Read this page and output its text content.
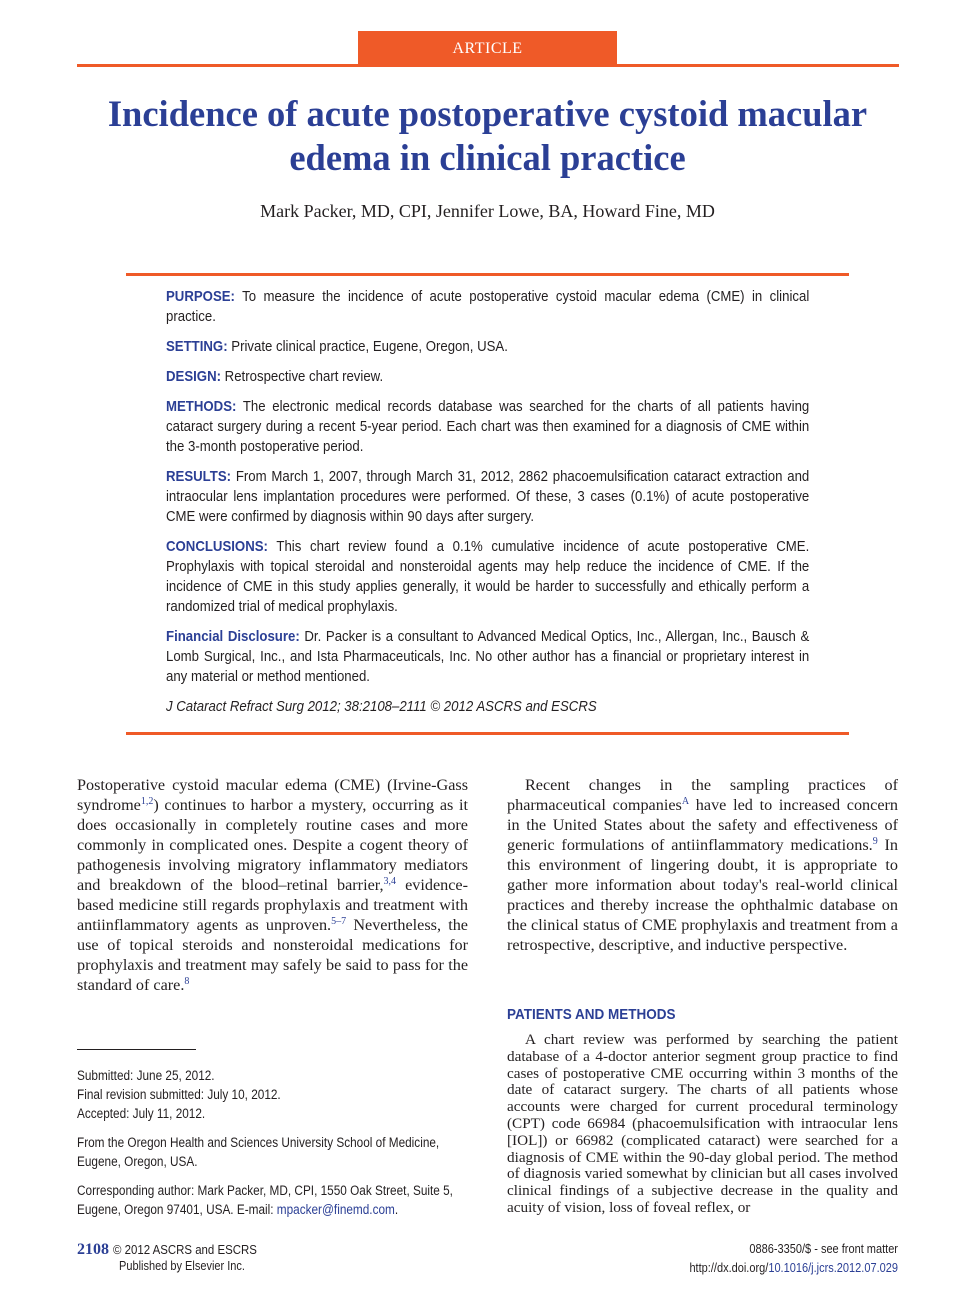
ARTICLE
Incidence of acute postoperative cystoid macular edema in clinical practice
Mark Packer, MD, CPI, Jennifer Lowe, BA, Howard Fine, MD

PURPOSE: To measure the incidence of acute postoperative cystoid macular edema (CME) in clinical practice.

SETTING: Private clinical practice, Eugene, Oregon, USA.

DESIGN: Retrospective chart review.

METHODS: The electronic medical records database was searched for the charts of all patients having cataract surgery during a recent 5-year period. Each chart was then examined for a diagnosis of CME within the 3-month postoperative period.

RESULTS: From March 1, 2007, through March 31, 2012, 2862 phacoemulsification cataract extraction and intraocular lens implantation procedures were performed. Of these, 3 cases (0.1%) of acute postoperative CME were confirmed by diagnosis within 90 days after surgery.

CONCLUSIONS: This chart review found a 0.1% cumulative incidence of acute postoperative CME. Prophylaxis with topical steroidal and nonsteroidal agents may help reduce the incidence of CME. If the incidence of CME in this study applies generally, it would be harder to successfully and ethically perform a randomized trial of medical prophylaxis.

Financial Disclosure: Dr. Packer is a consultant to Advanced Medical Optics, Inc., Allergan, Inc., Bausch & Lomb Surgical, Inc., and Ista Pharmaceuticals, Inc. No other author has a financial or proprietary interest in any material or method mentioned.

J Cataract Refract Surg 2012; 38:2108–2111 © 2012 ASCRS and ESCRS

Postoperative cystoid macular edema (CME) (Irvine-Gass syndrome$^{1,2}$) continues to harbor a mystery, occurring as it does occasionally in completely routine cases and more commonly in complicated ones. Despite a cogent theory of pathogenesis involving migratory inflammatory mediators and breakdown of the blood–retinal barrier,$^{3,4}$ evidence-based medicine still regards prophylaxis and treatment with antiinflammatory agents as unproven.$^{5-7}$ Nevertheless, the use of topical steroids and nonsteroidal medications for prophylaxis and treatment may safely be said to pass for the standard of care.$^8$

Recent changes in the sampling practices of pharmaceutical companies$^A$ have led to increased concern in the United States about the safety and effectiveness of generic formulations of antiinflammatory medications.$^9$ In this environment of lingering doubt, it is appropriate to gather more information about today's real-world clinical practices and thereby increase the ophthalmic database on the clinical status of CME prophylaxis and treatment from a retrospective, descriptive, and inductive perspective.

PATIENTS AND METHODS

A chart review was performed by searching the patient database of a 4-doctor anterior segment group practice to find cases of postoperative CME occurring within 3 months of the date of cataract surgery. The charts of all patients whose accounts were charged for current procedural terminology (CPT) code 66984 (phacoemulsification with intraocular lens [IOL]) or 66982 (complicated cataract) were searched for a diagnosis of CME within the 90-day global period. The method of diagnosis varied somewhat by clinician but all cases involved clinical findings of a subjective decrease in the quality and acuity of vision, loss of foveal reflex, or

Submitted: June 25, 2012.

Final revision submitted: July 10, 2012.

Accepted: July 11, 2012.

From the Oregon Health and Sciences University School of Medicine, Eugene, Oregon, USA.

Corresponding author: Mark Packer, MD, CPI, 1550 Oak Street, Suite 5, Eugene, Oregon 97401, USA. E-mail: mpacker@finemd.com.

2108 © 2012 ASCRS and ESCRS
Published by Elsevier Inc.
0886-3350/$ - see front matter
http://dx.doi.org/10.1016/j.jcrs.2012.07.029
